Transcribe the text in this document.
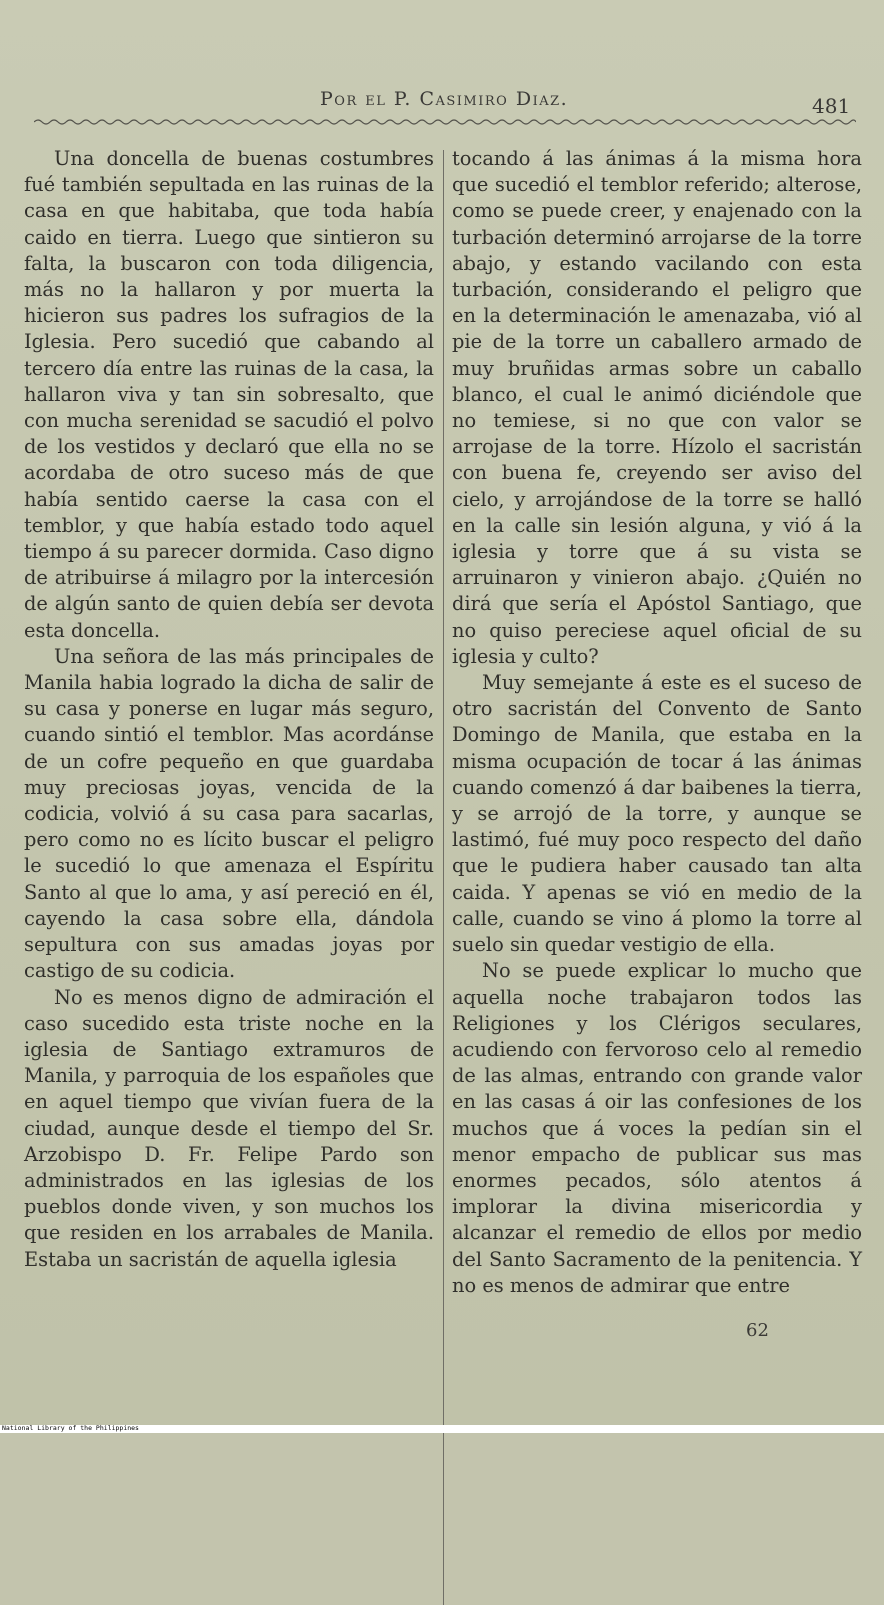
Por el P. Casimiro Diaz.	481

Una doncella de buenas costumbres fué también sepultada en las ruinas de la casa en que habitaba, que toda había caido en tierra. Luego que sintieron su falta, la buscaron con toda diligencia, más no la hallaron y por muerta la hicieron sus padres los sufragios de la Iglesia. Pero sucedió que cabando al tercero día entre las ruinas de la casa, la hallaron viva y tan sin sobresalto, que con mucha serenidad se sacudió el polvo de los vestidos y declaró que ella no se acordaba de otro suceso más de que había sentido caerse la casa con el temblor, y que había estado todo aquel tiempo á su parecer dormida. Caso digno de atribuirse á milagro por la intercesión de algún santo de quien debía ser devota esta doncella.

Una señora de las más principales de Manila habia logrado la dicha de salir de su casa y ponerse en lugar más seguro, cuando sintió el temblor. Mas acordánse de un cofre pequeño en que guardaba muy preciosas joyas, vencida de la codicia, volvió á su casa para sacarlas, pero como no es lícito buscar el peligro le sucedió lo que amenaza el Espíritu Santo al que lo ama, y así pereció en él, cayendo la casa sobre ella, dándola sepultura con sus amadas joyas por castigo de su codicia.

No es menos digno de admiración el caso sucedido esta triste noche en la iglesia de Santiago extramuros de Manila, y parroquia de los españoles que en aquel tiempo que vivían fuera de la ciudad, aunque desde el tiempo del Sr. Arzobispo D. Fr. Felipe Pardo son administrados en las iglesias de los pueblos donde viven, y son muchos los que residen en los arrabales de Manila. Estaba un sacristán de aquella iglesia

tocando á las ánimas á la misma hora que sucedió el temblor referido; alterose, como se puede creer, y enajenado con la turbación determinó arrojarse de la torre abajo, y estando vacilando con esta turbación, considerando el peligro que en la determinación le amenazaba, vió al pie de la torre un caballero armado de muy bruñidas armas sobre un caballo blanco, el cual le animó diciéndole que no temiese, si no que con valor se arrojase de la torre. Hízolo el sacristán con buena fe, creyendo ser aviso del cielo, y arrojándose de la torre se halló en la calle sin lesión alguna, y vió á la iglesia y torre que á su vista se arruinaron y vinieron abajo. ¿Quién no dirá que sería el Apóstol Santiago, que no quiso pereciese aquel oficial de su iglesia y culto?

Muy semejante á este es el suceso de otro sacristán del Convento de Santo Domingo de Manila, que estaba en la misma ocupación de tocar á las ánimas cuando comenzó á dar baibenes la tierra, y se arrojó de la torre, y aunque se lastimó, fué muy poco respecto del daño que le pudiera haber causado tan alta caida. Y apenas se vió en medio de la calle, cuando se vino á plomo la torre al suelo sin quedar vestigio de ella.

No se puede explicar lo mucho que aquella noche trabajaron todos las Religiones y los Clérigos seculares, acudiendo con fervoroso celo al remedio de las almas, entrando con grande valor en las casas á oir las confesiones de los muchos que á voces la pedían sin el menor empacho de publicar sus mas enormes pecados, sólo atentos á implorar la divina misericordia y alcanzar el remedio de ellos por medio del Santo Sacramento de la penitencia. Y no es menos de admirar que entre

62
National Library of the Philippines
